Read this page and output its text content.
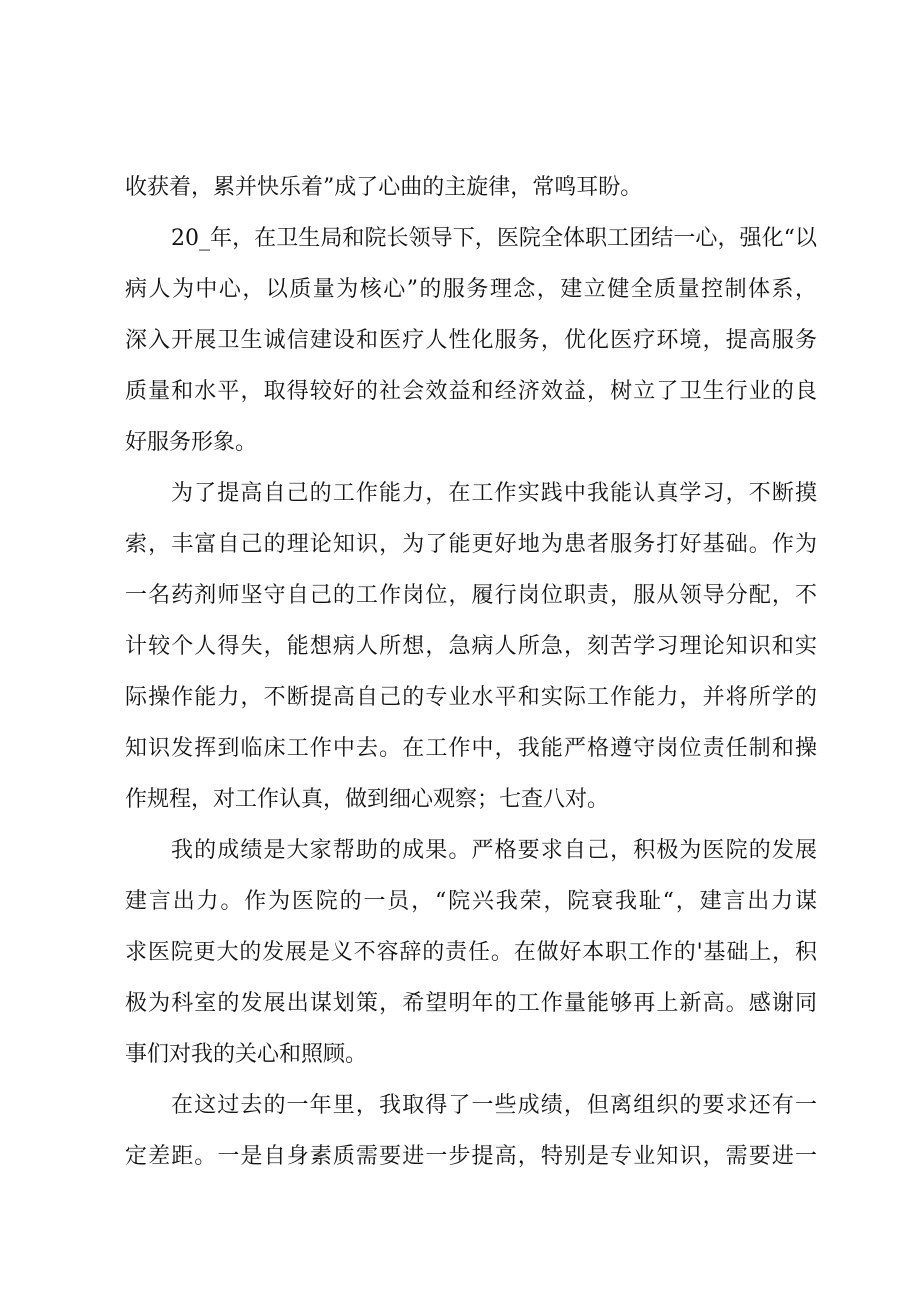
收获着，累并快乐着”成了心曲的主旋律，常鸣耳盼。
20_年，在卫生局和院长领导下，医院全体职工团结一心，强化“以
病人为中心，以质量为核心”的服务理念，建立健全质量控制体系，
深入开展卫生诚信建设和医疗人性化服务，优化医疗环境，提高服务
质量和水平，取得较好的社会效益和经济效益，树立了卫生行业的良
好服务形象。
为了提高自己的工作能力，在工作实践中我能认真学习，不断摸
索，丰富自己的理论知识，为了能更好地为患者服务打好基础。作为
一名药剂师坚守自己的工作岗位，履行岗位职责，服从领导分配，不
计较个人得失，能想病人所想，急病人所急，刻苦学习理论知识和实
际操作能力，不断提高自己的专业水平和实际工作能力，并将所学的
知识发挥到临床工作中去。在工作中，我能严格遵守岗位责任制和操
作规程，对工作认真，做到细心观察；七查八对。
我的成绩是大家帮助的成果。严格要求自己，积极为医院的发展
建言出力。作为医院的一员，“院兴我荣，院衰我耻“，建言出力谋
求医院更大的发展是义不容辞的责任。在做好本职工作的'基础上，积
极为科室的发展出谋划策，希望明年的工作量能够再上新高。感谢同
事们对我的关心和照顾。
在这过去的一年里，我取得了一些成绩，但离组织的要求还有一
定差距。一是自身素质需要进一步提高，特别是专业知识，需要进一
